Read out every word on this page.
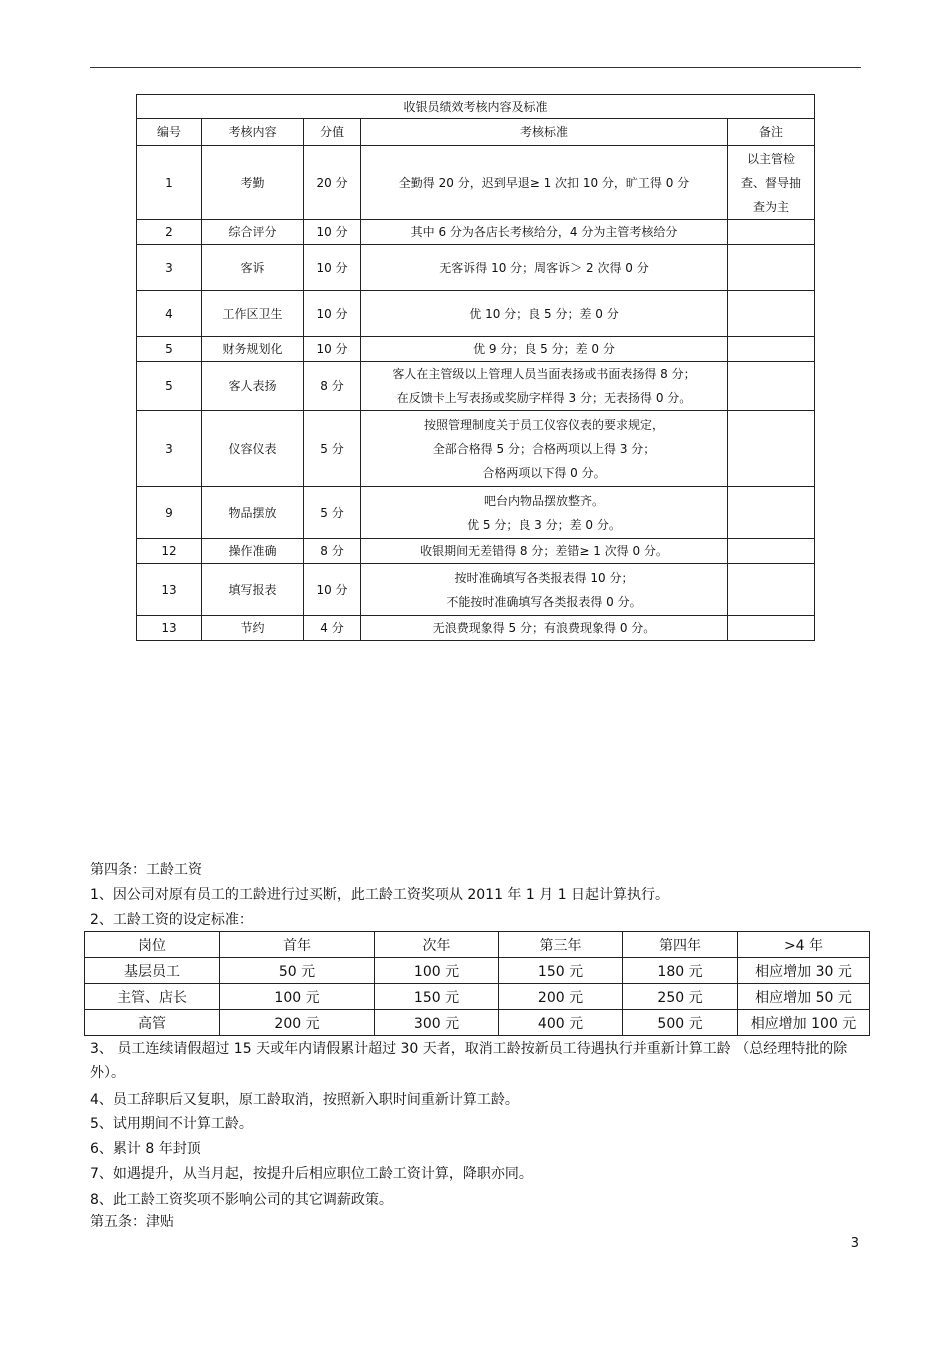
收银员绩效考核内容及标准				
编号	考核内容	分值	考核标准	备注
1	考勤	20 分	全勤得 20 分，迟到早退≥ 1 次扣 10 分，旷工得 0 分	以主管检
查、督导抽
查为主

2	综合评分	10 分	其中 6 分为各店长考核给分，4 分为主管考核给分	

3	客诉	10 分	无客诉得 10 分；周客诉＞ 2 次得 0 分	

4	工作区卫生	10 分	优 10 分；良 5 分；差 0 分	

5	财务规划化	10 分	优 9 分；良 5 分；差 0 分	

5	客人表扬	8 分	客人在主管级以上管理人员当面表扬或书面表扬得 8 分；
在反馈卡上写表扬或奖励字样得 3 分；无表扬得 0 分。	

3	仪容仪表	5 分	按照管理制度关于员工仪容仪表的要求规定，
全部合格得 5 分；合格两项以上得 3 分；
合格两项以下得 0 分。	

9	物品摆放	5 分	吧台内物品摆放整齐。
优 5 分；良 3 分；差 0 分。	

12	操作准确	8 分	收银期间无差错得 8 分；差错≥ 1 次得 0 分。	

13	填写报表	10 分	按时准确填写各类报表得 10 分；
不能按时准确填写各类报表得 0 分。	

13	节约	4 分	无浪费现象得 5 分；有浪费现象得 0 分。	

第四条：工龄工资
1、因公司对原有员工的工龄进行过买断，此工龄工资奖项从 2011 年 1 月 1 日起计算执行。
2、工龄工资的设定标准：
岗位	首年	次年	第三年	第四年	>4 年
基层员工	50 元	100 元	150 元	180 元	相应增加 30 元
主管、店长	100 元	150 元	200 元	250 元	相应增加 50 元
高管	200 元	300 元	400 元	500 元	相应增加 100 元
3、 员工连续请假超过 15 天或年内请假累计超过 30 天者，取消工龄按新员工待遇执行并重新计算工龄 （总经理特批的除外）。
4、员工辞职后又复职，原工龄取消，按照新入职时间重新计算工龄。
5、试用期间不计算工龄。
6、累计 8 年封顶
7、如遇提升，从当月起，按提升后相应职位工龄工资计算，降职亦同。
8、此工龄工资奖项不影响公司的其它调薪政策。
第五条：津贴
3
